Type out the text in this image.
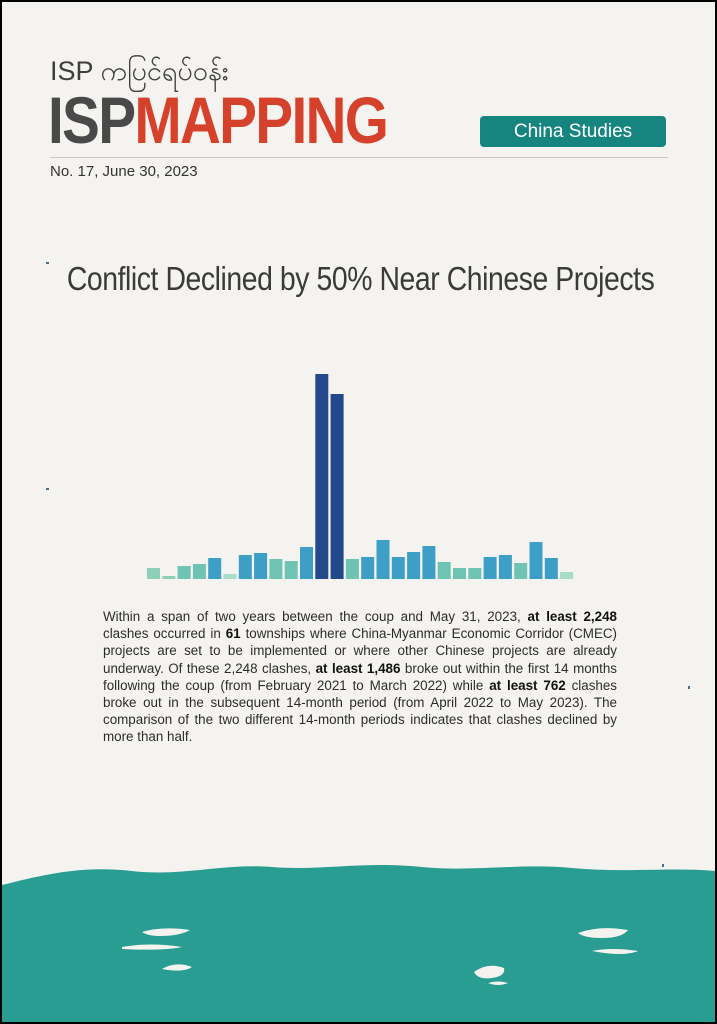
ISP ကပြင်ရပ်ဝန်း
ISPMAPPING	China Studies
No. 17, June 30, 2023
Conflict Declined by 50% Near Chinese Projects
Within a span of two years between the coup and May 31, 2023, at least 2,248 clashes occurred in 61 townships where China-Myanmar Economic Corridor (CMEC) projects are set to be implemented or where other Chinese projects are already underway. Of these 2,248 clashes, at least 1,486 broke out within the first 14 months following the coup (from February 2021 to March 2022) while at least 762 clashes broke out in the subsequent 14-month period (from April 2022 to May 2023). The comparison of the two different 14-month periods indicates that clashes declined by more than half.
